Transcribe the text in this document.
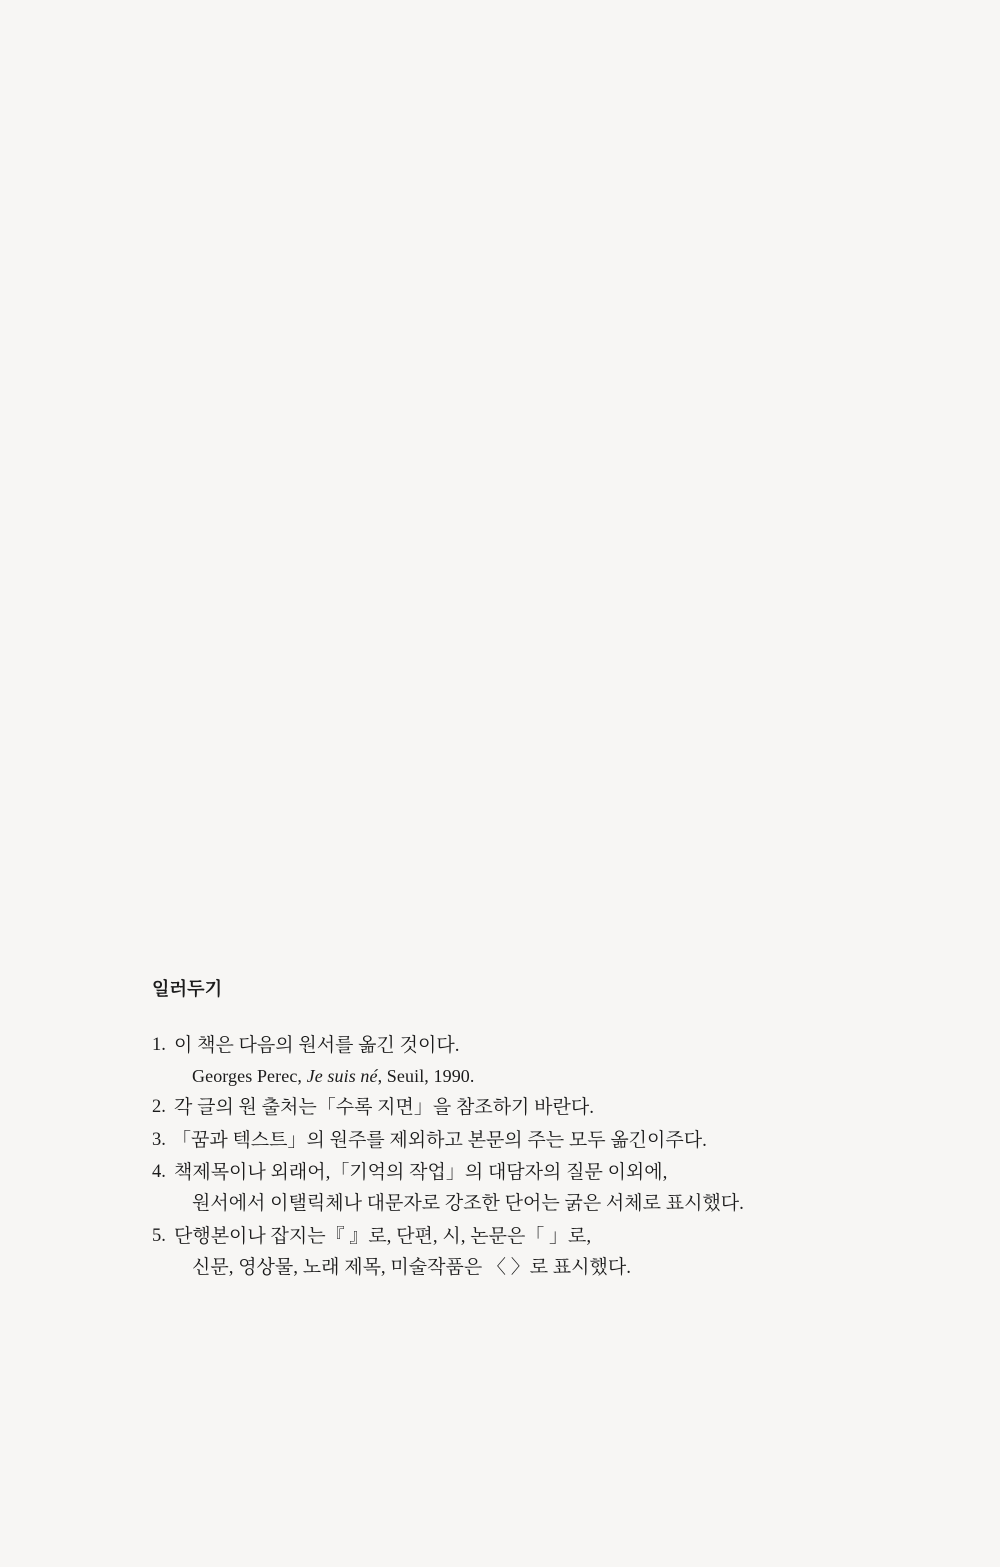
일러두기
1. 이 책은 다음의 원서를 옮긴 것이다.
Georges Perec, Je suis né, Seuil, 1990.
2. 각 글의 원 출처는「수록 지면」을 참조하기 바란다.
3. 「꿈과 텍스트」의 원주를 제외하고 본문의 주는 모두 옮긴이주다.
4. 책제목이나 외래어,「기억의 작업」의 대담자의 질문 이외에,
원서에서 이탤릭체나 대문자로 강조한 단어는 굵은 서체로 표시했다.
5. 단행본이나 잡지는『 』로, 단편, 시, 논문은「 」로,
신문, 영상물, 노래 제목, 미술작품은 〈 〉로 표시했다.
